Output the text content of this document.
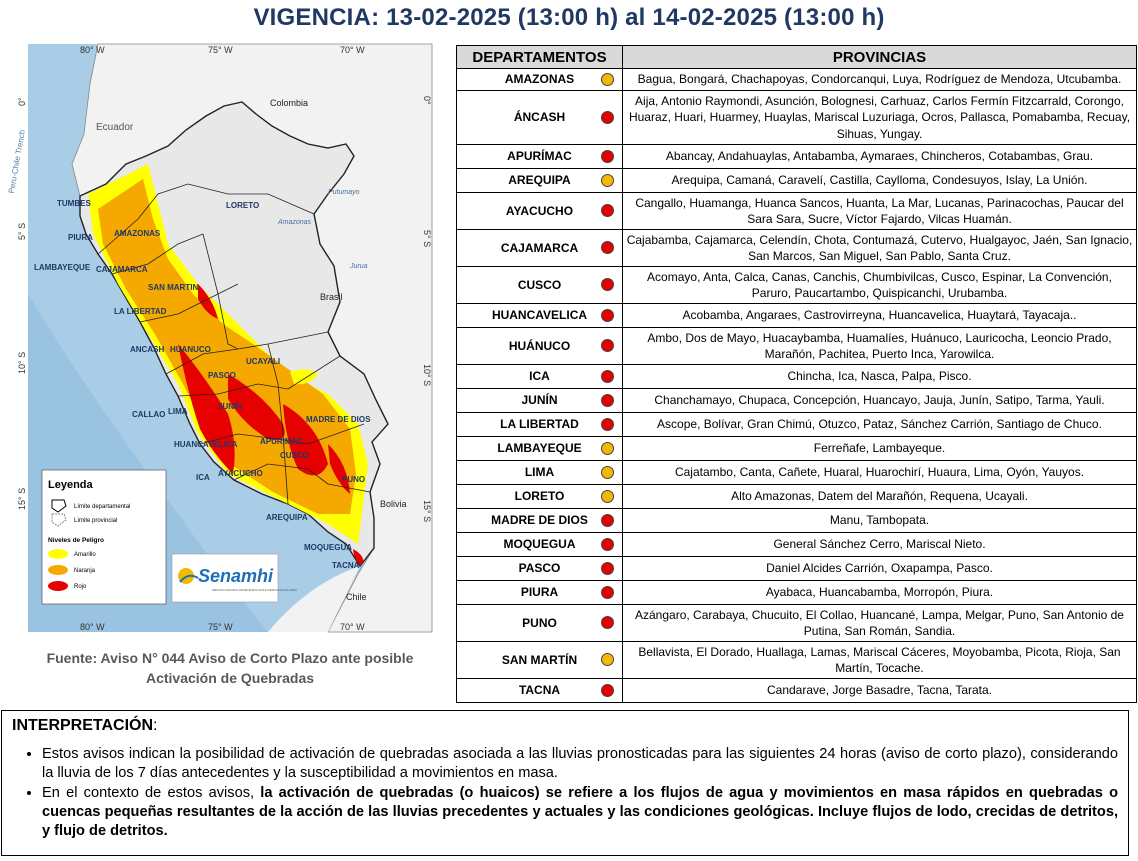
VIGENCIA: 13-02-2025 (13:00 h) al 14-02-2025 (13:00 h)
80° W	75° W	70° W
80° W	75° W	70° W
0°
5° S
10° S
15° S
0°
5° S
10° S
15° S
Colombia
Ecuador
Brasil
Bolivia
Chile
Peru-Chile Trench
Amazonas
Putumayo
Jurua
TUMBES
PIURA	AMAZONAS
LAMBAYEQUE CAJAMARCA
SAN MARTIN
LA LIBERTAD
ANCASH HUANUCO
UCAYALI
PASCO
LORETO
CALLAO LIMA
JUNIN
MADRE DE DIOS
CUSCO
HUANCAVELICA	APURIMAC
AYACUCHO
ICA	PUNO
AREQUIPA
MOQUEGUA
TACNA
Leyenda
Límite departamental
Límite provincial
Niveles de Peligro
Amarillo
Naranja
Rojo
Senamhi
SERVICIO NACIONAL DE METEOROLOGÍA E HIDROLOGÍA DEL PERÚ
Fuente: Aviso N° 044 Aviso de Corto Plazo ante posible
Activación de Quebradas
DEPARTAMENTOS	PROVINCIAS
AMAZONAS	Bagua, Bongará, Chachapoyas, Condorcanqui, Luya, Rodríguez de Mendoza, Utcubamba.
ÁNCASH	Aija, Antonio Raymondi, Asunción, Bolognesi, Carhuaz, Carlos Fermín Fitzcarrald, Corongo, Huaraz, Huari, Huarmey, Huaylas, Mariscal Luzuriaga, Ocros, Pallasca, Pomabamba, Recuay, Sihuas, Yungay.
APURÍMAC	Abancay, Andahuaylas, Antabamba, Aymaraes, Chincheros, Cotabambas, Grau.
AREQUIPA	Arequipa, Camaná, Caravelí, Castilla, Caylloma, Condesuyos, Islay, La Unión.
AYACUCHO	Cangallo, Huamanga, Huanca Sancos, Huanta, La Mar, Lucanas, Parinacochas, Paucar del Sara Sara, Sucre, Víctor Fajardo, Vilcas Huamán.
CAJAMARCA	Cajabamba, Cajamarca, Celendín, Chota, Contumazá, Cutervo, Hualgayoc, Jaén, San Ignacio, San Marcos, San Miguel, San Pablo, Santa Cruz.
CUSCO	Acomayo, Anta, Calca, Canas, Canchis, Chumbivilcas, Cusco, Espinar, La Convención, Paruro, Paucartambo, Quispicanchi, Urubamba.
HUANCAVELICA	Acobamba, Angaraes, Castrovirreyna, Huancavelica, Huaytará, Tayacaja..
HUÁNUCO	Ambo, Dos de Mayo, Huacaybamba, Huamalíes, Huánuco, Lauricocha, Leoncio Prado, Marañón, Pachitea, Puerto Inca, Yarowilca.
ICA	Chincha, Ica, Nasca, Palpa, Pisco.
JUNÍN	Chanchamayo, Chupaca, Concepción, Huancayo, Jauja, Junín, Satipo, Tarma, Yauli.
LA LIBERTAD	Ascope, Bolívar, Gran Chimú, Otuzco, Pataz, Sánchez Carrión, Santiago de Chuco.
LAMBAYEQUE	Ferreñafe, Lambayeque.
LIMA	Cajatambo, Canta, Cañete, Huaral, Huarochirí, Huaura, Lima, Oyón, Yauyos.
LORETO	Alto Amazonas, Datem del Marañón, Requena, Ucayali.
MADRE DE DIOS	Manu, Tambopata.
MOQUEGUA	General Sánchez Cerro, Mariscal Nieto.
PASCO	Daniel Alcides Carrión, Oxapampa, Pasco.
PIURA	Ayabaca, Huancabamba, Morropón, Piura.
PUNO	Azángaro, Carabaya, Chucuito, El Collao, Huancané, Lampa, Melgar, Puno, San Antonio de Putina, San Román, Sandia.
SAN MARTÍN	Bellavista, El Dorado, Huallaga, Lamas, Mariscal Cáceres, Moyobamba, Picota, Rioja, San Martín, Tocache.
TACNA	Candarave, Jorge Basadre, Tacna, Tarata.
INTERPRETACIÓN:
• Estos avisos indican la posibilidad de activación de quebradas asociada a las lluvias pronosticadas para las siguientes 24 horas (aviso de corto plazo), considerando la lluvia de los 7 días antecedentes y la susceptibilidad a movimientos en masa.
• En el contexto de estos avisos, la activación de quebradas (o huaicos) se refiere a los flujos de agua y movimientos en masa rápidos en quebradas o cuencas pequeñas resultantes de la acción de las lluvias precedentes y actuales y las condiciones geológicas. Incluye flujos de lodo, crecidas de detritos, y flujo de detritos.
